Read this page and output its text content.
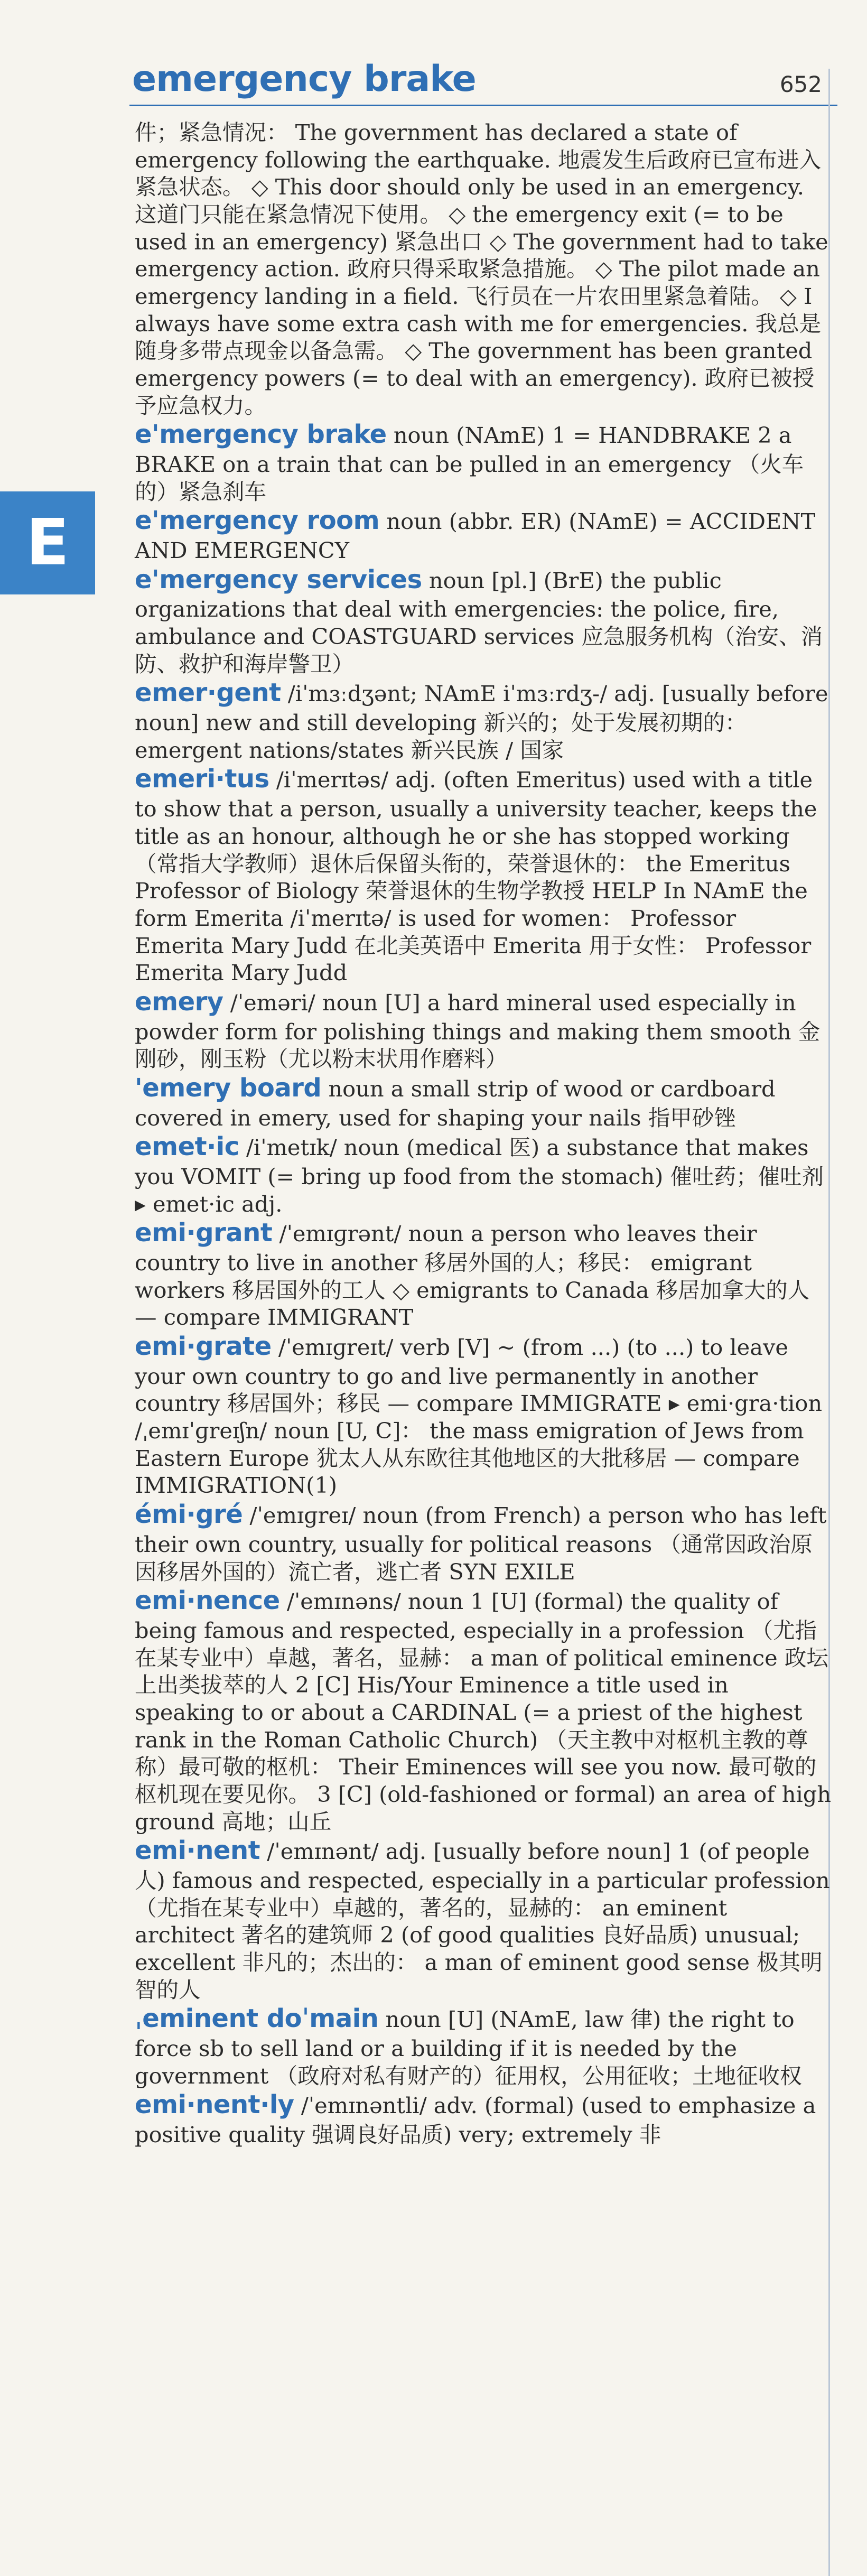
emergency brake	652
E

件；紧急情况： The government has declared a state of emergency following the earthquake. 地震发生后政府已宣布进入紧急状态。 ◇ This door should only be used in an emergency. 这道门只能在紧急情况下使用。 ◇ the emergency exit (= to be used in an emergency) 紧急出口 ◇ The government had to take emergency action. 政府只得采取紧急措施。 ◇ The pilot made an emergency landing in a field. 飞行员在一片农田里紧急着陆。 ◇ I always have some extra cash with me for emergencies. 我总是随身多带点现金以备急需。 ◇ The government has been granted emergency powers (= to deal with an emergency). 政府已被授予应急权力。

e'mergency brake noun (NAmE) 1 = HANDBRAKE 2 a BRAKE on a train that can be pulled in an emergency （火车的）紧急刹车

e'mergency room noun (abbr. ER) (NAmE) = ACCIDENT AND EMERGENCY

e'mergency services noun [pl.] (BrE) the public organizations that deal with emergencies: the police, fire, ambulance and COASTGUARD services 应急服务机构（治安、消防、救护和海岸警卫）

emer·gent /iˈmɜːdʒənt; NAmE iˈmɜːrdʒ-/ adj. [usually before noun] new and still developing 新兴的；处于发展初期的： emergent nations/states 新兴民族 / 国家

emeri·tus /iˈmerɪtəs/ adj. (often Emeritus) used with a title to show that a person, usually a university teacher, keeps the title as an honour, although he or she has stopped working （常指大学教师）退休后保留头衔的，荣誉退休的： the Emeritus Professor of Biology 荣誉退休的生物学教授 HELP In NAmE the form Emerita /iˈmerɪtə/ is used for women： Professor Emerita Mary Judd 在北美英语中 Emerita 用于女性： Professor Emerita Mary Judd

emery /ˈeməri/ noun [U] a hard mineral used especially in powder form for polishing things and making them smooth 金刚砂，刚玉粉（尤以粉末状用作磨料）

'emery board noun a small strip of wood or cardboard covered in emery, used for shaping your nails 指甲砂锉

emet·ic /iˈmetɪk/ noun (medical 医) a substance that makes you VOMIT (= bring up food from the stomach) 催吐药；催吐剂 ▸ emet·ic adj.

emi·grant /ˈemɪɡrənt/ noun a person who leaves their country to live in another 移居外国的人；移民： emigrant workers 移居国外的工人 ◇ emigrants to Canada 移居加拿大的人 — compare IMMIGRANT

emi·grate /ˈemɪɡreɪt/ verb [V] ~ (from ...) (to ...) to leave your own country to go and live permanently in another country 移居国外；移民 — compare IMMIGRATE ▸ emi·gra·tion /ˌemɪˈɡreɪʃn/ noun [U, C]： the mass emigration of Jews from Eastern Europe 犹太人从东欧往其他地区的大批移居 — compare IMMIGRATION(1)

émi·gré /ˈemɪɡreɪ/ noun (from French) a person who has left their own country, usually for political reasons （通常因政治原因移居外国的）流亡者，逃亡者 SYN EXILE

emi·nence /ˈemɪnəns/ noun 1 [U] (formal) the quality of being famous and respected, especially in a profession （尤指在某专业中）卓越，著名，显赫： a man of political eminence 政坛上出类拔萃的人 2 [C] His/Your Eminence a title used in speaking to or about a CARDINAL (= a priest of the highest rank in the Roman Catholic Church) （天主教中对枢机主教的尊称）最可敬的枢机： Their Eminences will see you now. 最可敬的枢机现在要见你。 3 [C] (old-fashioned or formal) an area of high ground 高地；山丘

emi·nent /ˈemɪnənt/ adj. [usually before noun] 1 (of people 人) famous and respected, especially in a particular profession （尤指在某专业中）卓越的，著名的，显赫的： an eminent architect 著名的建筑师 2 (of good qualities 良好品质) unusual; excellent 非凡的；杰出的： a man of eminent good sense 极其明智的人

ˌeminent doˈmain noun [U] (NAmE, law 律) the right to force sb to sell land or a building if it is needed by the government （政府对私有财产的）征用权，公用征收；土地征收权

emi·nent·ly /ˈemɪnəntli/ adv. (formal) (used to emphasize a positive quality 强调良好品质) very; extremely 非
